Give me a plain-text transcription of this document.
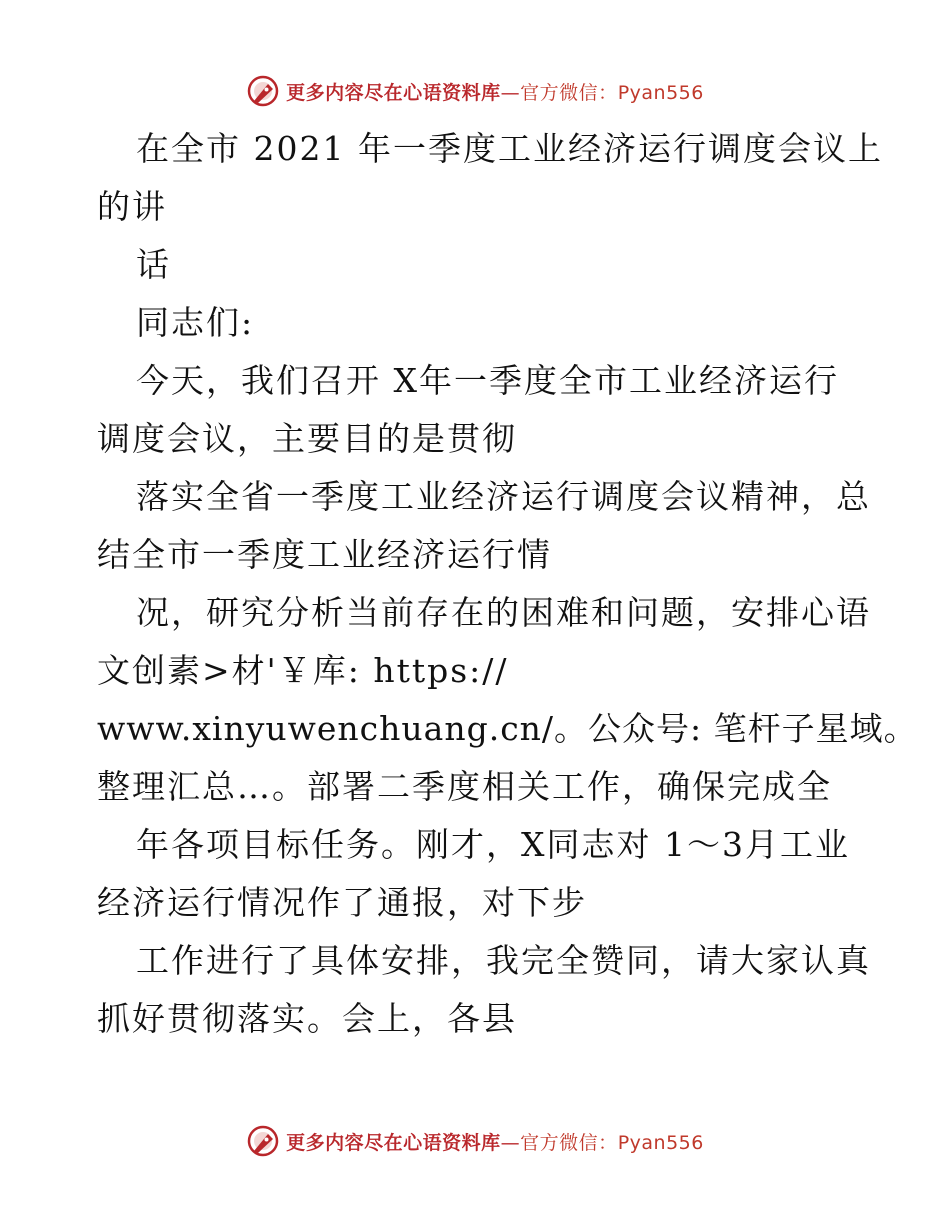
更多内容尽在心语资料库—官方微信：Pyan556
在全市 2021 年一季度工业经济运行调度会议上
的讲
话
同志们:
今天，我们召开 X年一季度全市工业经济运行
调度会议，主要目的是贯彻
落实全省一季度工业经济运行调度会议精神，总
结全市一季度工业经济运行情
况，研究分析当前存在的困难和问题，安排心语
文创素>材'￥库: https://
www.xinyuwenchuang.cn/。公众号: 笔杆子星域。
整理汇总…。部署二季度相关工作，确保完成全
年各项目标任务。刚才，X同志对 1～3月工业
经济运行情况作了通报，对下步
工作进行了具体安排，我完全赞同，请大家认真
抓好贯彻落实。会上，各县
更多内容尽在心语资料库—官方微信：Pyan556
